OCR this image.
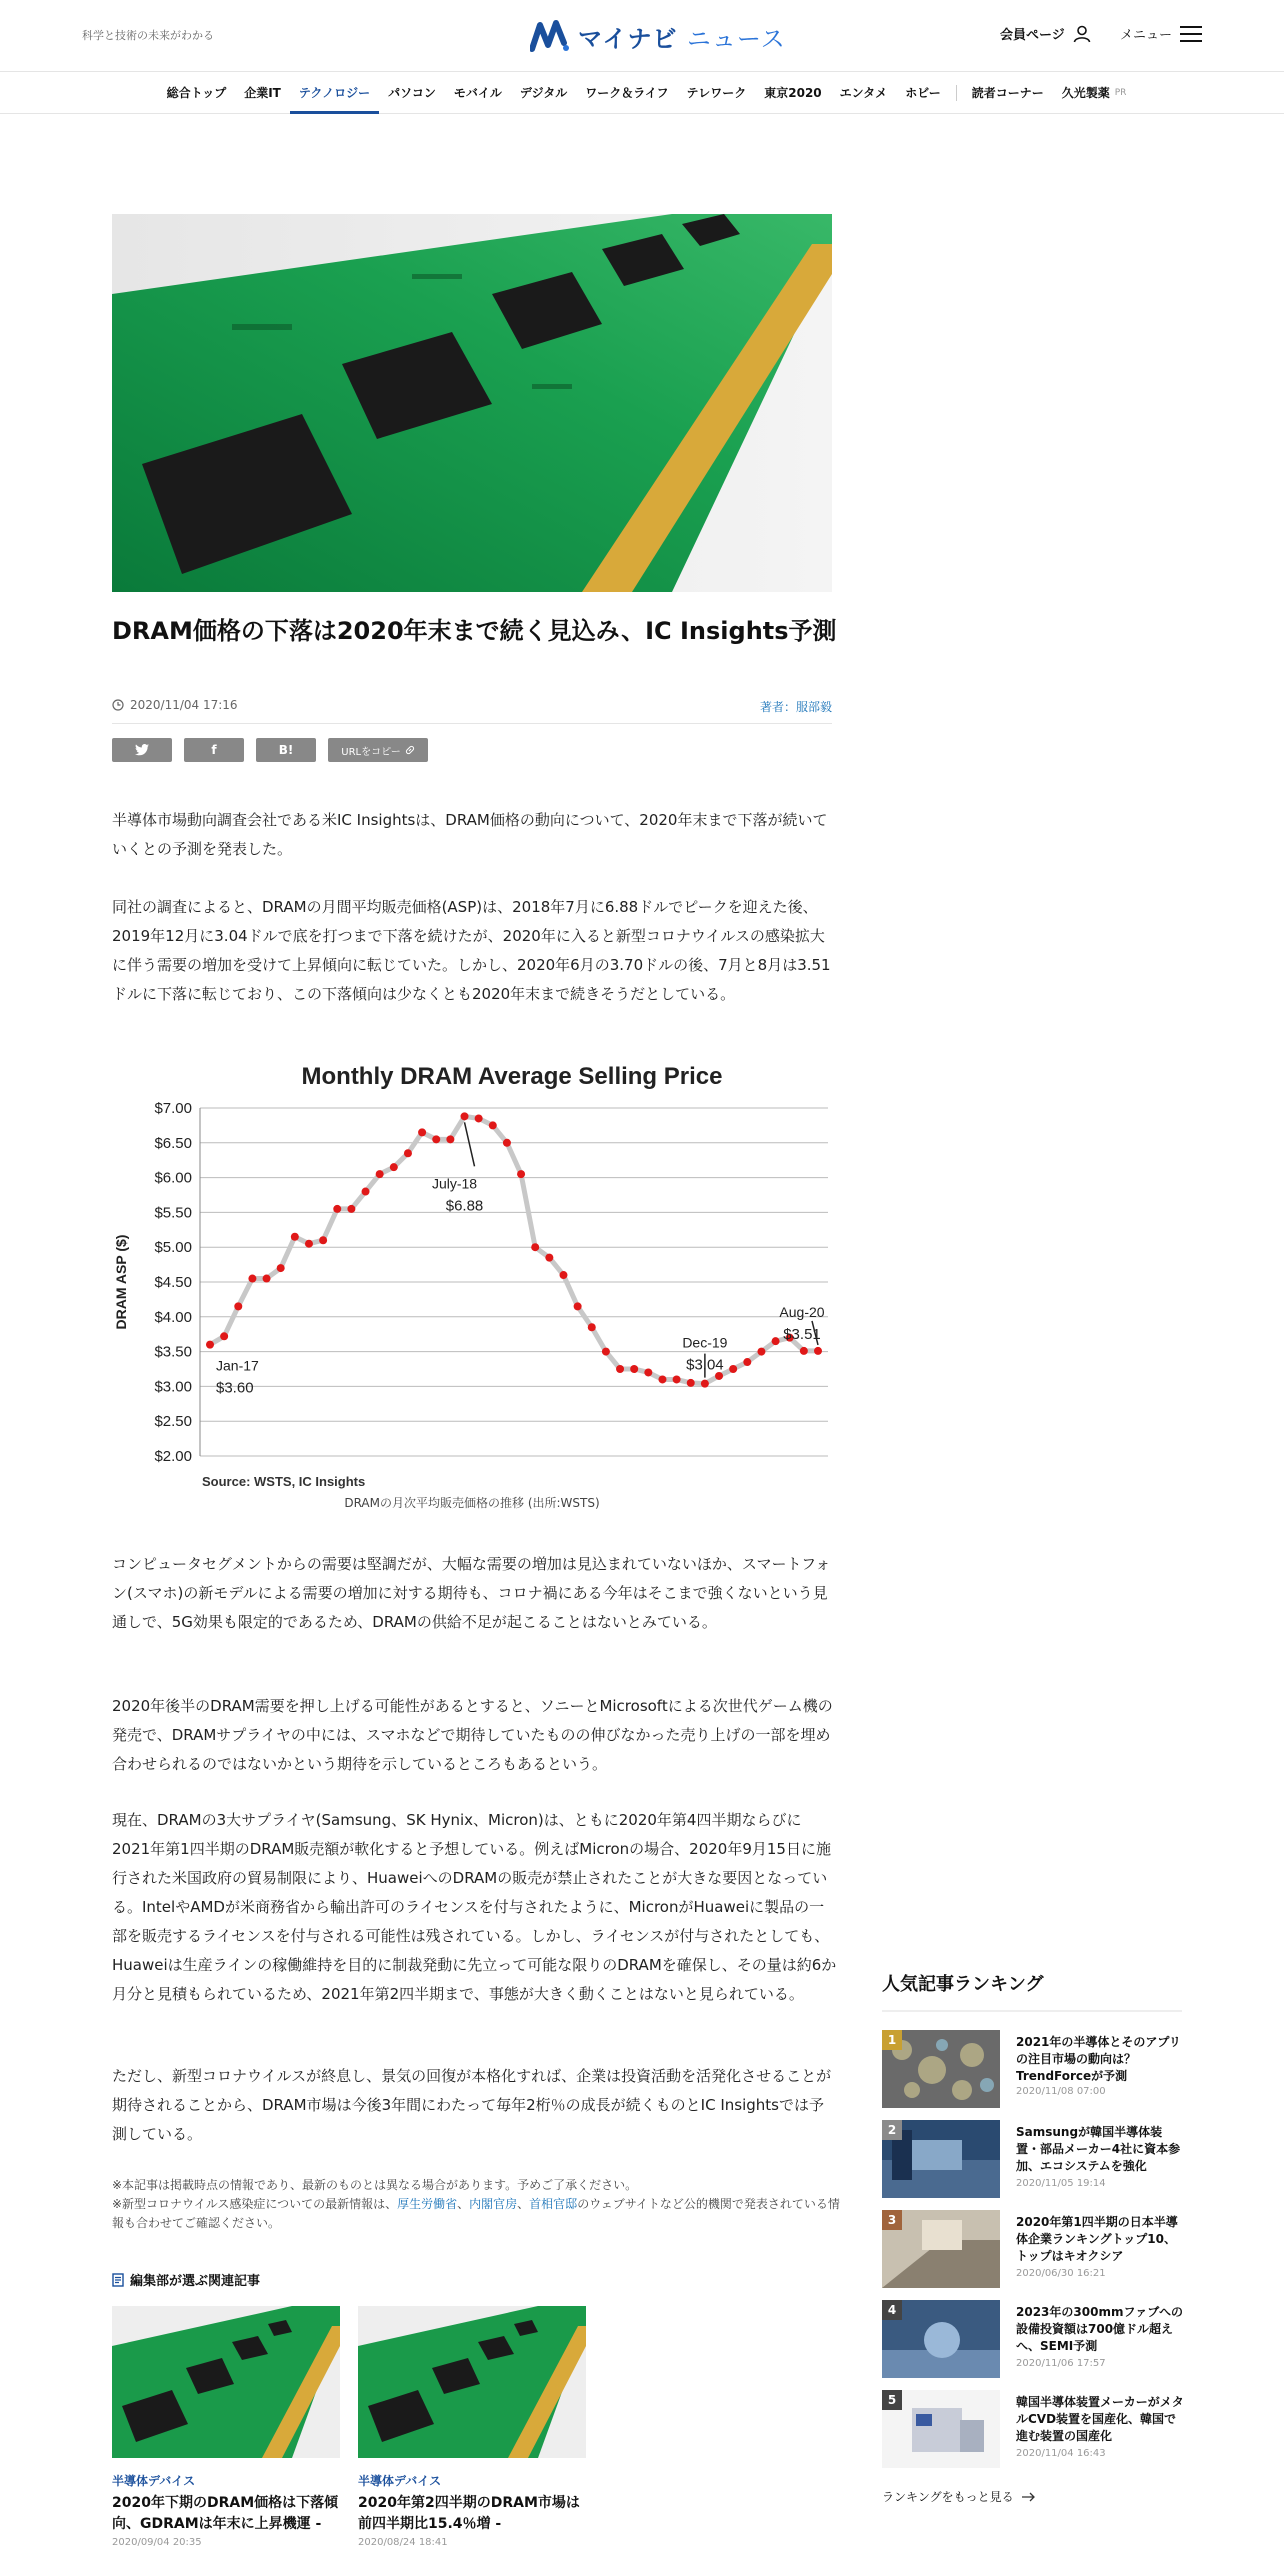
科学と技術の未来がわかる	マイナビ ニュース	会員ページ	メニュー
総合トップ	企業IT	テクノロジー	パソコン	モバイル	デジタル	ワーク＆ライフ	テレワーク	東京2020	エンタメ	ホビー	読者コーナー	久光製薬 PR
DRAM価格の下落は2020年末まで続く見込み、IC Insights予測
2020/11/04 17:16	著者：服部毅
f	B!	URLをコピー

半導体市場動向調査会社である米IC Insightsは、DRAM価格の動向について、2020年末まで下落が続いていくとの予測を発表した。

同社の調査によると、DRAMの月間平均販売価格(ASP)は、2018年7月に6.88ドルでピークを迎えた後、2019年12月に3.04ドルで底を打つまで下落を続けたが、2020年に入ると新型コロナウイルスの感染拡大に伴う需要の増加を受けて上昇傾向に転じていた。しかし、2020年6月の3.70ドルの後、7月と8月は3.51ドルに下落に転じており、この下落傾向は少なくとも2020年末まで続きそうだとしている。

Monthly DRAM Average Selling Price
$7.00
$6.50
$6.00
$5.50
$5.00
$4.50
$4.00
$3.50
$3.00
$2.50
$2.00
DRAM ASP ($)
Jan-17
$3.60
July-18
$6.88
Dec-19
$3.04
Aug-20
$3.51
Source: WSTS, IC Insights
DRAMの月次平均販売価格の推移 (出所:WSTS)

コンピュータセグメントからの需要は堅調だが、大幅な需要の増加は見込まれていないほか、スマートフォン(スマホ)の新モデルによる需要の増加に対する期待も、コロナ禍にある今年はそこまで強くないという見通しで、5G効果も限定的であるため、DRAMの供給不足が起こることはないとみている。

2020年後半のDRAM需要を押し上げる可能性があるとすると、ソニーとMicrosoftによる次世代ゲーム機の発売で、DRAMサプライヤの中には、スマホなどで期待していたものの伸びなかった売り上げの一部を埋め合わせられるのではないかという期待を示しているところもあるという。

現在、DRAMの3大サプライヤ(Samsung、SK Hynix、Micron)は、ともに2020年第4四半期ならびに2021年第1四半期のDRAM販売額が軟化すると予想している。例えばMicronの場合、2020年9月15日に施行された米国政府の貿易制限により、HuaweiへのDRAMの販売が禁止されたことが大きな要因となっている。IntelやAMDが米商務省から輸出許可のライセンスを付与されたように、MicronがHuaweiに製品の一部を販売するライセンスを付与される可能性は残されている。しかし、ライセンスが付与されたとしても、Huaweiは生産ラインの稼働維持を目的に制裁発動に先立って可能な限りのDRAMを確保し、その量は約6か月分と見積もられているため、2021年第2四半期まで、事態が大きく動くことはないと見られている。

ただし、新型コロナウイルスが終息し、景気の回復が本格化すれば、企業は投資活動を活発化させることが期待されることから、DRAM市場は今後3年間にわたって毎年2桁％の成長が続くものとIC Insightsでは予測している。

※本記事は掲載時点の情報であり、最新のものとは異なる場合があります。予めご了承ください。
※新型コロナウイルス感染症についての最新情報は、厚生労働省、内閣官房、首相官邸のウェブサイトなど公的機関で発表されている情報も合わせてご確認ください。
編集部が選ぶ関連記事
半導体デバイス
2020年下期のDRAM価格は下落傾向、GDRAMは年末に上昇機運 -
2020/09/04 20:35
半導体デバイス
2020年第2四半期のDRAM市場は前四半期比15.4％増 -
2020/08/24 18:41
人気記事ランキング
1	2021年の半導体とそのアプリの注目市場の動向は？TrendForceが予測
2020/11/08 07:00
2	Samsungが韓国半導体装置・部品メーカー4社に資本参加、エコシステムを強化
2020/11/05 19:14
3	2020年第1四半期の日本半導体企業ランキングトップ10、トップはキオクシア
2020/06/30 16:21
4	2023年の300mmファブへの設備投資額は700億ドル超えへ、SEMI予測
2020/11/06 17:57
5	韓国半導体装置メーカーがメタルCVD装置を国産化、韓国で進む装置の国産化
2020/11/04 16:43
ランキングをもっと見る
